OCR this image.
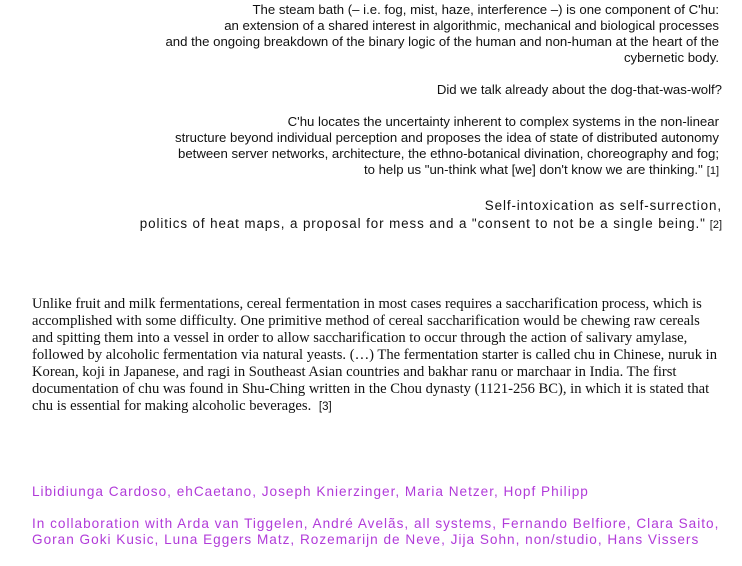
The steam bath (– i.e. fog, mist, haze, interference –) is one component of C'hu:

an extension of a shared interest in algorithmic, mechanical and biological processes

and the ongoing breakdown of the binary logic of the human and non-human at the heart of the

cybernetic body.

Did we talk already about the dog-that-was-wolf?

C'hu locates the uncertainty inherent to complex systems in the non-linear

structure beyond individual perception and proposes the idea of state of distributed autonomy

between server networks, architecture, the ethno-botanical divination, choreography and fog;

to help us "un-think what [we] don't know we are thinking." [1]

Self-intoxication as self-surrection,

politics of heat maps, a proposal for mess and a "consent to not be a single being." [2]

Unlike fruit and milk fermentations, cereal fermentation in most cases requires a saccharification process, which is accomplished with some difficulty. One primitive method of cereal saccharification would be chewing raw cereals and spitting them into a vessel in order to allow saccharification to occur through the action of salivary amylase, followed by alcoholic fermentation via natural yeasts. (…) The fermentation starter is called chu in Chinese, nuruk in Korean, koji in Japanese, and ragi in Southeast Asian countries and bakhar ranu or marchaar in India. The first documentation of chu was found in Shu-Ching written in the Chou dynasty (1121-256 BC), in which it is stated that chu is essential for making alcoholic beverages. [3]

Libidiunga Cardoso, ehCaetano, Joseph Knierzinger, Maria Netzer, Hopf Philipp

In collaboration with Arda van Tiggelen, André Avelãs, all systems, Fernando Belfiore, Clara Saito, Goran Goki Kusic, Luna Eggers Matz, Rozemarijn de Neve, Jija Sohn, non/studio, Hans Vissers
